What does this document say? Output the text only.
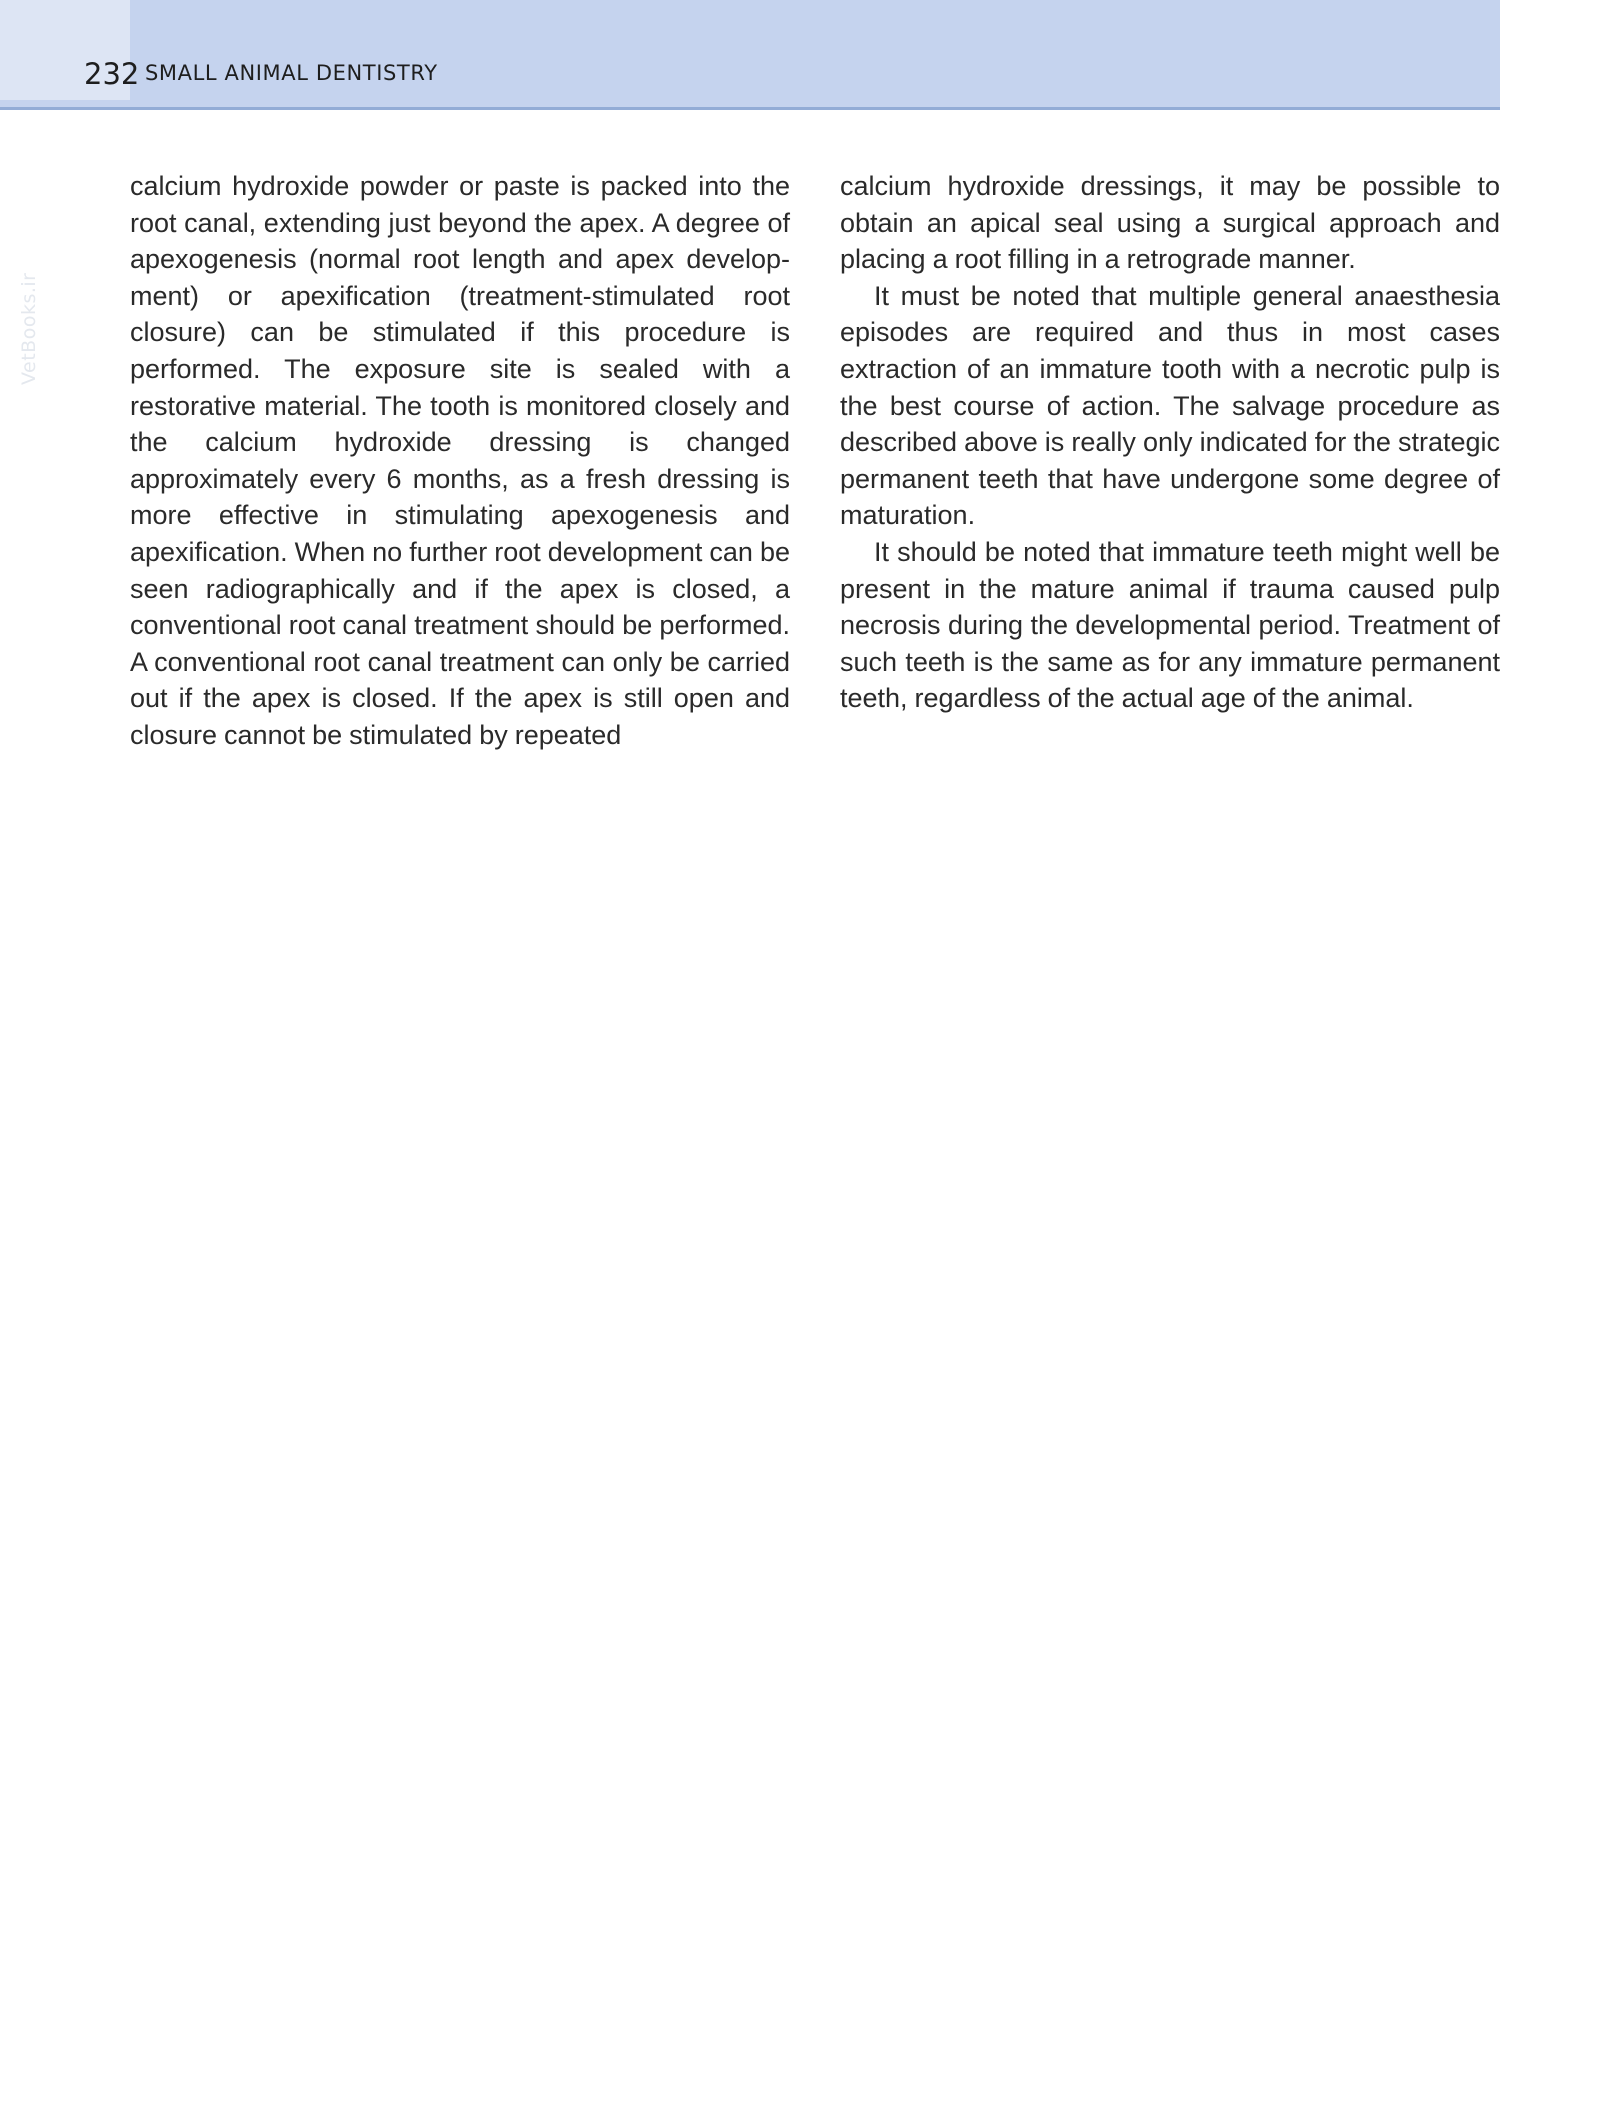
232 SMALL ANIMAL DENTISTRY
VetBooks.ir

calcium hydroxide powder or paste is packed into the root canal, extending just beyond the apex. A degree of apexogenesis (normal root length and apex development) or apexification (treatment-stimulated root closure) can be stimulated if this procedure is performed. The exposure site is sealed with a restorative material. The tooth is monitored closely and the calcium hydroxide dressing is changed approximately every 6 months, as a fresh dressing is more effective in stimulating apexogenesis and apexification. When no further root development can be seen radiographically and if the apex is closed, a conventional root canal treatment should be performed. A conventional root canal treatment can only be carried out if the apex is closed. If the apex is still open and closure cannot be stimulated by repeated

calcium hydroxide dressings, it may be possible to obtain an apical seal using a surgical approach and placing a root filling in a retrograde manner.

It must be noted that multiple general anaesthesia episodes are required and thus in most cases extraction of an immature tooth with a necrotic pulp is the best course of action. The salvage procedure as described above is really only indicated for the strategic permanent teeth that have undergone some degree of maturation.

It should be noted that immature teeth might well be present in the mature animal if trauma caused pulp necrosis during the developmental period. Treatment of such teeth is the same as for any immature permanent teeth, regardless of the actual age of the animal.
